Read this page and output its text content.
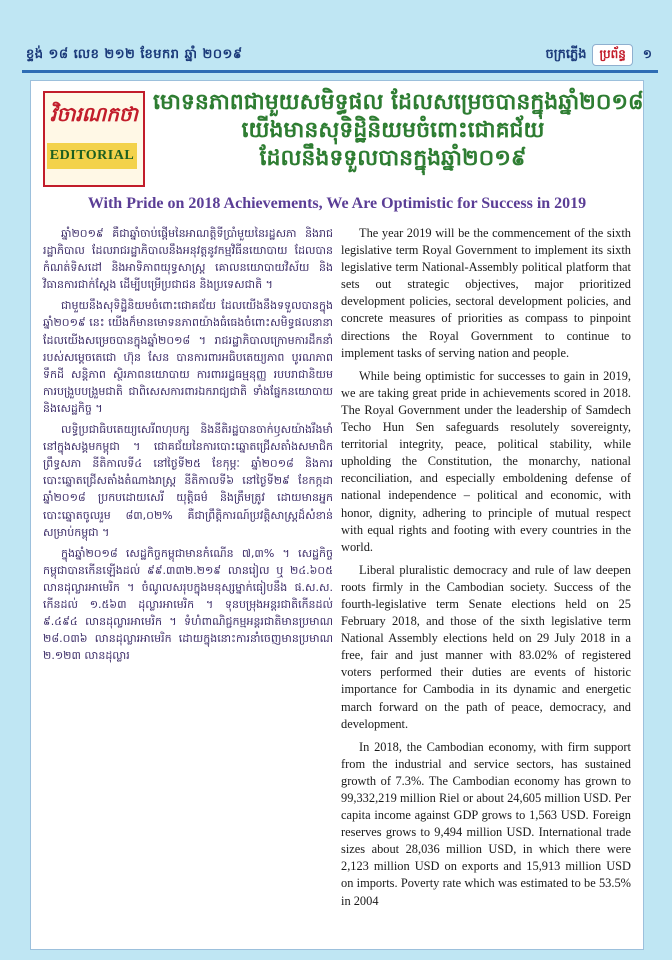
ខ្ទង់ ១៨ លេខ ២១២ ខែមករា ឆ្នាំ ២០១៩	ចក្រភ្លើង	ប្រព័ន្ធ	១
វិចារណកថា
EDITORIAL
មោទនភាពជាមួយសមិទ្ធផល ដែលសម្រេចបានក្នុងឆ្នាំ២០១៨
យើងមានសុទិដ្ឋិនិយមចំពោះជោគជ័យ
ដែលនឹងទទួលបានក្នុងឆ្នាំ២០១៩
With Pride on 2018 Achievements, We Are Optimistic for Success in 2019

ឆ្នាំ២០១៩ គឺជាឆ្នាំចាប់ផ្តើមនៃអាណត្តិទីប្រាំមួយនៃរដ្ឋសភា និងរាជរដ្ឋាភិបាល ដែលរាជរដ្ឋាភិបាលនឹងអនុវត្តនូវកម្មវិធីនយោបាយ ដែលបានកំណត់ទិសដៅ និងអាទិភាពយុទ្ធសាស្ត្រ គោលនយោបាយវិស័យ និងវិធានការជាក់ស្តែង ដើម្បីបម្រើប្រជាជន និងប្រទេសជាតិ ។

ជាមួយនឹងសុទិដ្ឋិនិយមចំពោះជោគជ័យ ដែលយើងនឹងទទួលបានក្នុងឆ្នាំ២០១៩ នេះ យើងក៏មានមោទនភាពយ៉ាងធំធេងចំពោះសមិទ្ធផលនានា ដែលយើងសម្រេចបានក្នុងឆ្នាំ២០១៨ ។ រាជរដ្ឋាភិបាលក្រោមការដឹកនាំរបស់សម្តេចតេជោ ហ៊ុន សែន បានការពារអធិបតេយ្យភាព បូរណភាពទឹកដី សន្តិភាព ស្ថិរភាពនយោបាយ ការពាររដ្ឋធម្មនុញ្ញ របបរាជានិយម ការបង្រួបបង្រួមជាតិ ជាពិសេសការពារឯករាជ្យជាតិ ទាំងផ្នែកនយោបាយ និងសេដ្ឋកិច្ច ។

លទ្ធិប្រជាធិបតេយ្យសេរីពហុបក្ស និងនីតិរដ្ឋបានចាក់ឫសយ៉ាងរឹងមាំនៅក្នុងសង្គមកម្ពុជា ។ ជោគជ័យនៃការបោះឆ្នោតជ្រើសតាំងសមាជិកព្រឹទ្ធសភា នីតិកាលទី៤ នៅថ្ងៃទី២៥ ខែកុម្ភៈ ឆ្នាំ២០១៨ និងការបោះឆ្នោតជ្រើសតាំងតំណាងរាស្ត្រ នីតិកាលទី៦ នៅថ្ងៃទី២៩ ខែកក្កដា ឆ្នាំ២០១៨ ប្រកបដោយសេរី យុត្តិធម៌ និងត្រឹមត្រូវ ដោយមានអ្នកបោះឆ្នោតចូលរួម ៨៣,០២% គឺជាព្រឹត្តិការណ៍ប្រវត្តិសាស្ត្រដ៏សំខាន់សម្រាប់កម្ពុជា ។

ក្នុងឆ្នាំ២០១៨ សេដ្ឋកិច្ចកម្ពុជាមានកំណើន ៧,៣% ។ សេដ្ឋកិច្ចកម្ពុជាបានកើនឡើងដល់ ៩៩.៣៣២.២១៩ លានរៀល ឬ ២៤.៦០៥ លានដុល្លារអាមេរិក ។ ចំណូលសរុបក្នុងមនុស្សម្នាក់ធៀបនឹង ផ.ស.ស. កើនដល់ ១.៥៦៣ ដុល្លារអាមេរិក ។ ទុនបម្រុងអន្តរជាតិកើនដល់ ៩.៤៩៤ លានដុល្លារអាមេរិក ។ ទំហំពាណិជ្ជកម្មអន្តរជាតិមានប្រមាណ ២៨.០៣៦ លានដុល្លារអាមេរិក ដោយក្នុងនោះការនាំចេញមានប្រមាណ ២.១២៣ លានដុល្លារ

The year 2019 will be the commencement of the sixth legislative term Royal Government to implement its sixth legislative term National-Assembly political platform that sets out strategic objectives, major prioritized development policies, sectoral development policies, and concrete measures of priorities as compass to pinpoint directions the Royal Government to continue to implement tasks of serving nation and people.

While being optimistic for successes to gain in 2019, we are taking great pride in achievements scored in 2018. The Royal Government under the leadership of Samdech Techo Hun Sen safeguards resolutely sovereignty, territorial integrity, peace, political stability, while upholding the Constitution, the monarchy, national reconciliation, and especially emboldening defense of national independence – political and economic, with honor, dignity, adhering to principle of mutual respect with equal rights and footing with every countries in the world.

Liberal pluralistic democracy and rule of law deepen roots firmly in the Cambodian society. Success of the fourth-legislative term Senate elections held on 25 February 2018, and those of the sixth legislative term National Assembly elections held on 29 July 2018 in a free, fair and just manner with 83.02% of registered voters performed their duties are events of historic importance for Cambodia in its dynamic and energetic march forward on the path of peace, democracy, and development.

In 2018, the Cambodian economy, with firm support from the industrial and service sectors, has sustained growth of 7.3%. The Cambodian economy has grown to 99,332,219 million Riel or about 24,605 million USD. Per capita income against GDP grows to 1,563 USD. Foreign reserves grows to 9,494 million USD. International trade sizes about 28,036 million USD, in which there were 2,123 million USD on exports and 15,913 million USD on imports. Poverty rate which was estimated to be 53.5% in 2004
